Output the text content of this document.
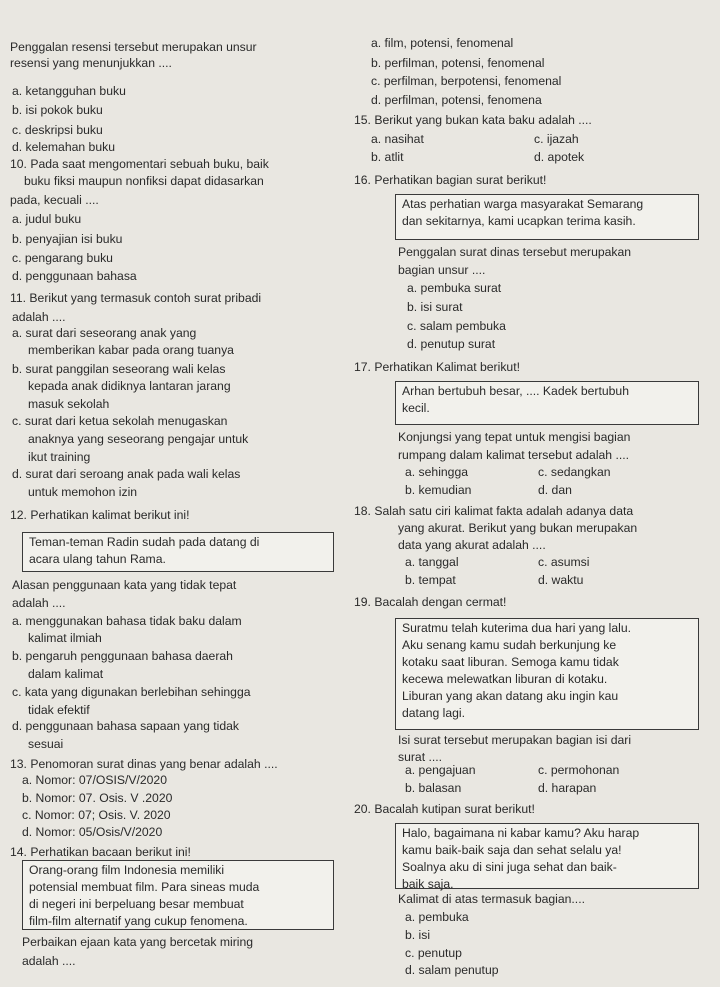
Penggalan resensi tersebut merupakan unsur
resensi yang menunjukkan ....
a. ketangguhan buku
b. isi pokok buku
c. deskripsi buku
d. kelemahan buku
10. Pada saat mengomentari sebuah buku, baik
buku fiksi maupun nonfiksi dapat didasarkan
pada, kecuali ....
a. judul buku
b. penyajian isi buku
c. pengarang buku
d. penggunaan bahasa
11. Berikut yang termasuk contoh surat pribadi
adalah ....
a. surat dari seseorang anak yang
memberikan kabar pada orang tuanya
b. surat panggilan seseorang wali kelas
kepada anak didiknya lantaran jarang
masuk sekolah
c. surat dari ketua sekolah menugaskan
anaknya yang seseorang pengajar untuk
ikut training
d. surat dari seroang anak pada wali kelas
untuk memohon izin
12. Perhatikan kalimat berikut ini!
Alasan penggunaan kata yang tidak tepat
adalah ....
a. menggunakan bahasa tidak baku dalam
kalimat ilmiah
b. pengaruh penggunaan bahasa daerah
dalam kalimat
c. kata yang digunakan berlebihan sehingga
tidak efektif
d. penggunaan bahasa sapaan yang tidak
sesuai
13. Penomoran surat dinas yang benar adalah ....
a. Nomor: 07/OSIS/V/2020
b. Nomor: 07. Osis. V .2020
c. Nomor: 07; Osis. V. 2020
d. Nomor: 05/Osis/V/2020
14. Perhatikan bacaan berikut ini!
Perbaikan ejaan kata yang bercetak miring
adalah ....
a. film, potensi, fenomenal
b. perfilman, potensi, fenomenal
c. perfilman, berpotensi, fenomenal
d. perfilman, potensi, fenomena
15. Berikut yang bukan kata baku adalah ....
a. nasihat	c. ijazah
b. atlit	d. apotek
16. Perhatikan bagian surat berikut!
Penggalan surat dinas tersebut merupakan
bagian unsur ....
a. pembuka surat
b. isi surat
c. salam pembuka
d. penutup surat
17. Perhatikan Kalimat berikut!
Konjungsi yang tepat untuk mengisi bagian
rumpang dalam kalimat tersebut adalah ....
a. sehingga	c. sedangkan
b. kemudian	d. dan
18. Salah satu ciri kalimat fakta adalah adanya data
yang akurat. Berikut yang bukan merupakan
data yang akurat adalah ....
a. tanggal	c. asumsi
b. tempat	d. waktu
19. Bacalah dengan cermat!
Isi surat tersebut merupakan bagian isi dari
surat ....
a. pengajuan	c. permohonan
b. balasan	d. harapan
20. Bacalah kutipan surat berikut!
Kalimat di atas termasuk bagian....
a. pembuka
b. isi
c. penutup
d. salam penutup
Teman-teman Radin sudah pada datang di
acara ulang tahun Rama.
Orang-orang film Indonesia memiliki
potensial membuat film. Para sineas muda
di negeri ini berpeluang besar membuat
film-film alternatif yang cukup fenomena.
Atas perhatian warga masyarakat Semarang
dan sekitarnya, kami ucapkan terima kasih.
Arhan bertubuh besar, .... Kadek bertubuh
kecil.
Suratmu telah kuterima dua hari yang lalu.
Aku senang kamu sudah berkunjung ke
kotaku saat liburan. Semoga kamu tidak
kecewa melewatkan liburan di kotaku.
Liburan yang akan datang aku ingin kau
datang lagi.
Halo, bagaimana ni kabar kamu? Aku harap
kamu baik-baik saja dan sehat selalu ya!
Soalnya aku di sini juga sehat dan baik-
baik saja.
